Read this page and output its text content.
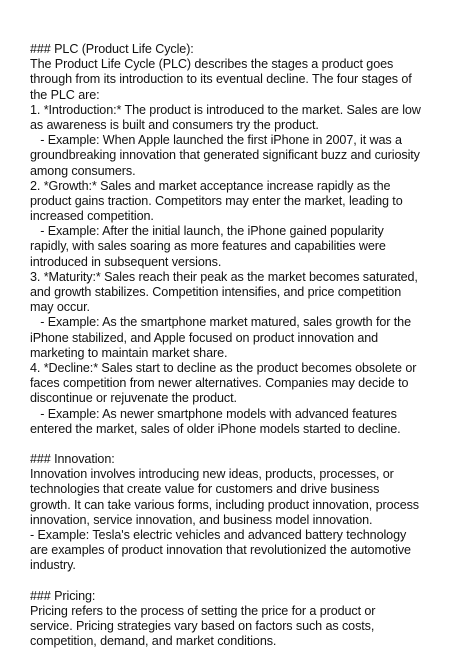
### PLC (Product Life Cycle):
The Product Life Cycle (PLC) describes the stages a product goes
through from its introduction to its eventual decline. The four stages of
the PLC are:
1. *Introduction:* The product is introduced to the market. Sales are low
as awareness is built and consumers try the product.
- Example: When Apple launched the first iPhone in 2007, it was a
groundbreaking innovation that generated significant buzz and curiosity
among consumers.
2. *Growth:* Sales and market acceptance increase rapidly as the
product gains traction. Competitors may enter the market, leading to
increased competition.
- Example: After the initial launch, the iPhone gained popularity
rapidly, with sales soaring as more features and capabilities were
introduced in subsequent versions.
3. *Maturity:* Sales reach their peak as the market becomes saturated,
and growth stabilizes. Competition intensifies, and price competition
may occur.
- Example: As the smartphone market matured, sales growth for the
iPhone stabilized, and Apple focused on product innovation and
marketing to maintain market share.
4. *Decline:* Sales start to decline as the product becomes obsolete or
faces competition from newer alternatives. Companies may decide to
discontinue or rejuvenate the product.
- Example: As newer smartphone models with advanced features
entered the market, sales of older iPhone models started to decline.
### Innovation:
Innovation involves introducing new ideas, products, processes, or
technologies that create value for customers and drive business
growth. It can take various forms, including product innovation, process
innovation, service innovation, and business model innovation.
- Example: Tesla's electric vehicles and advanced battery technology
are examples of product innovation that revolutionized the automotive
industry.
### Pricing:
Pricing refers to the process of setting the price for a product or
service. Pricing strategies vary based on factors such as costs,
competition, demand, and market conditions.
